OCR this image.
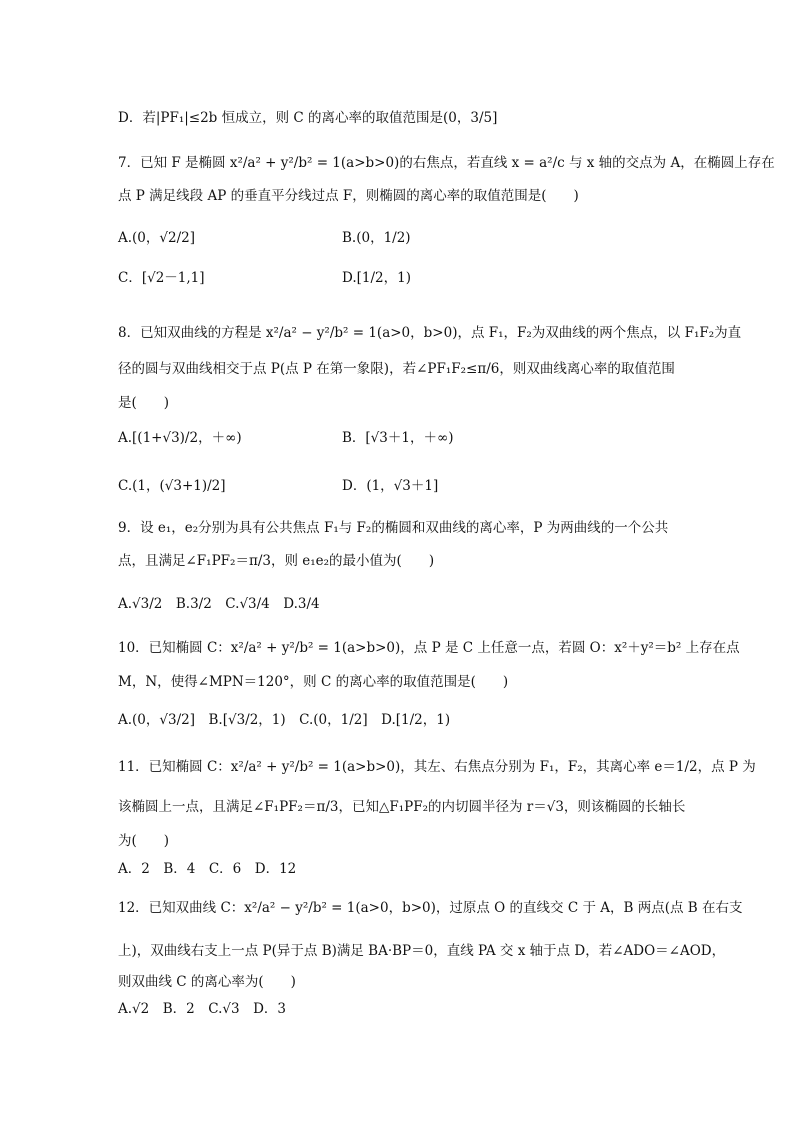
D．若|PF₁|≤2b 恒成立，则 C 的离心率的取值范围是(0，3/5]
7．已知 F 是椭圆 x²/a² + y²/b² = 1(a>b>0)的右焦点，若直线 x = a²/c 与 x 轴的交点为 A，在椭圆上存在
点 P 满足线段 AP 的垂直平分线过点 F，则椭圆的离心率的取值范围是(　　)
A.(0，√2/2]	B.(0，1/2)
C．[√2－1,1]	D.[1/2，1)
8．已知双曲线的方程是 x²/a² − y²/b² = 1(a>0，b>0)，点 F₁，F₂为双曲线的两个焦点，以 F₁F₂为直
径的圆与双曲线相交于点 P(点 P 在第一象限)，若∠PF₁F₂≤π/6，则双曲线离心率的取值范围
是(　　)
A.[(1+√3)/2，＋∞)	B．[√3＋1，＋∞)
C.(1，(√3+1)/2]	D．(1，√3＋1]
9．设 e₁，e₂分别为具有公共焦点 F₁与 F₂的椭圆和双曲线的离心率，P 为两曲线的一个公共
点，且满足∠F₁PF₂＝π/3，则 e₁e₂的最小值为(　　)
A.√3/2　B.3/2　C.√3/4　D.3/4
10．已知椭圆 C：x²/a² + y²/b² = 1(a>b>0)，点 P 是 C 上任意一点，若圆 O：x²＋y²＝b² 上存在点
M，N，使得∠MPN＝120°，则 C 的离心率的取值范围是(　　)
A.(0，√3/2]　B.[√3/2，1)　C.(0，1/2]　D.[1/2，1)
11．已知椭圆 C：x²/a² + y²/b² = 1(a>b>0)，其左、右焦点分别为 F₁，F₂，其离心率 e＝1/2，点 P 为
该椭圆上一点，且满足∠F₁PF₂＝π/3，已知△F₁PF₂的内切圆半径为 r＝√3，则该椭圆的长轴长
为(　　)
A．2　B．4　C．6　D．12
12．已知双曲线 C：x²/a² − y²/b² = 1(a>0，b>0)，过原点 O 的直线交 C 于 A，B 两点(点 B 在右支
上)，双曲线右支上一点 P(异于点 B)满足 BA·BP＝0，直线 PA 交 x 轴于点 D，若∠ADO＝∠AOD，
则双曲线 C 的离心率为(　　)
A.√2　B．2　C.√3　D．3
